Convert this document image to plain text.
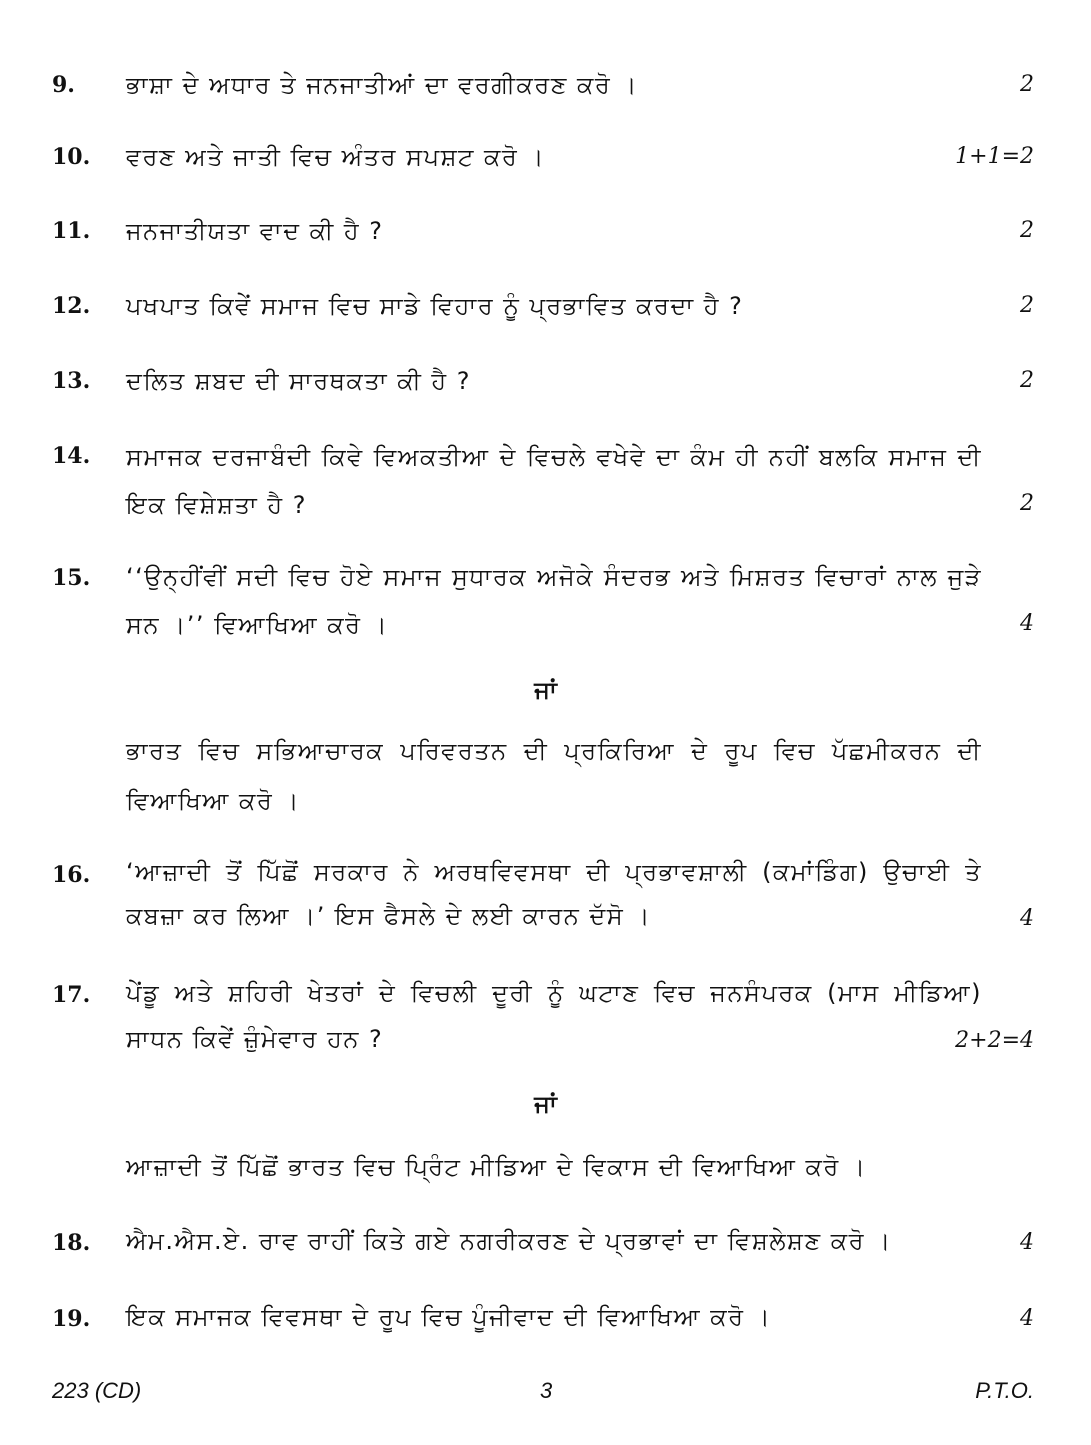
9.	ਭਾਸ਼ਾ ਦੇ ਅਧਾਰ ਤੇ ਜਨਜਾਤੀਆਂ ਦਾ ਵਰਗੀਕਰਣ ਕਰੋ ।	2
10.	ਵਰਣ ਅਤੇ ਜਾਤੀ ਵਿਚ ਅੰਤਰ ਸਪਸ਼ਟ ਕਰੋ ।	1+1=2
11.	ਜਨਜਾਤੀਯਤਾ ਵਾਦ ਕੀ ਹੈ ?	2
12.	ਪਖਪਾਤ ਕਿਵੇਂ ਸਮਾਜ ਵਿਚ ਸਾਡੇ ਵਿਹਾਰ ਨੂੰ ਪ੍ਰਭਾਵਿਤ ਕਰਦਾ ਹੈ ?	2
13.	ਦਲਿਤ ਸ਼ਬਦ ਦੀ ਸਾਰਥਕਤਾ ਕੀ ਹੈ ?	2
14.	ਸਮਾਜਕ ਦਰਜਾਬੰਦੀ ਕਿਵੇ ਵਿਅਕਤੀਆ ਦੇ ਵਿਚਲੇ ਵਖੇਵੇ ਦਾ ਕੰਮ ਹੀ ਨਹੀਂ ਬਲਕਿ ਸਮਾਜ ਦੀ ਇਕ ਵਿਸ਼ੇਸ਼ਤਾ ਹੈ ?	2
15.	‘‘ਉਨ੍ਹੀਂਵੀਂ ਸਦੀ ਵਿਚ ਹੋਏ ਸਮਾਜ ਸੁਧਾਰਕ ਅਜੋਕੇ ਸੰਦਰਭ ਅਤੇ ਮਿਸ਼ਰਤ ਵਿਚਾਰਾਂ ਨਾਲ ਜੁੜੇ ਸਨ ।’’ ਵਿਆਖਿਆ ਕਰੋ ।	4
ਜਾਂ
ਭਾਰਤ ਵਿਚ ਸਭਿਆਚਾਰਕ ਪਰਿਵਰਤਨ ਦੀ ਪ੍ਰਕਿਰਿਆ ਦੇ ਰੂਪ ਵਿਚ ਪੱਛਮੀਕਰਨ ਦੀ ਵਿਆਖਿਆ ਕਰੋ ।
16.	‘ਆਜ਼ਾਦੀ ਤੋਂ ਪਿੱਛੋਂ ਸਰਕਾਰ ਨੇ ਅਰਥਵਿਵਸਥਾ ਦੀ ਪ੍ਰਭਾਵਸ਼ਾਲੀ (ਕਮਾਂਡਿੰਗ) ਉਚਾਈ ਤੇ ਕਬਜ਼ਾ ਕਰ ਲਿਆ ।’ ਇਸ ਫੈਸਲੇ ਦੇ ਲਈ ਕਾਰਨ ਦੱਸੋ ।	4
17.	ਪੇਂਡੂ ਅਤੇ ਸ਼ਹਿਰੀ ਖੇਤਰਾਂ ਦੇ ਵਿਚਲੀ ਦੂਰੀ ਨੂੰ ਘਟਾਣ ਵਿਚ ਜਨਸੰਪਰਕ (ਮਾਸ ਮੀਡਿਆ) ਸਾਧਨ ਕਿਵੇਂ ਜ਼ੁੰਮੇਵਾਰ ਹਨ ?	2+2=4
ਜਾਂ
ਆਜ਼ਾਦੀ ਤੋਂ ਪਿੱਛੋਂ ਭਾਰਤ ਵਿਚ ਪ੍ਰਿੰਟ ਮੀਡਿਆ ਦੇ ਵਿਕਾਸ ਦੀ ਵਿਆਖਿਆ ਕਰੋ ।
18.	ਐਮ.ਐਸ.ਏ. ਰਾਵ ਰਾਹੀਂ ਕਿਤੇ ਗਏ ਨਗਰੀਕਰਣ ਦੇ ਪ੍ਰਭਾਵਾਂ ਦਾ ਵਿਸ਼ਲੇਸ਼ਣ ਕਰੋ ।	4
19.	ਇਕ ਸਮਾਜਕ ਵਿਵਸਥਾ ਦੇ ਰੂਪ ਵਿਚ ਪੂੰਜੀਵਾਦ ਦੀ ਵਿਆਖਿਆ ਕਰੋ ।	4
223 (CD)	3	P.T.O.
